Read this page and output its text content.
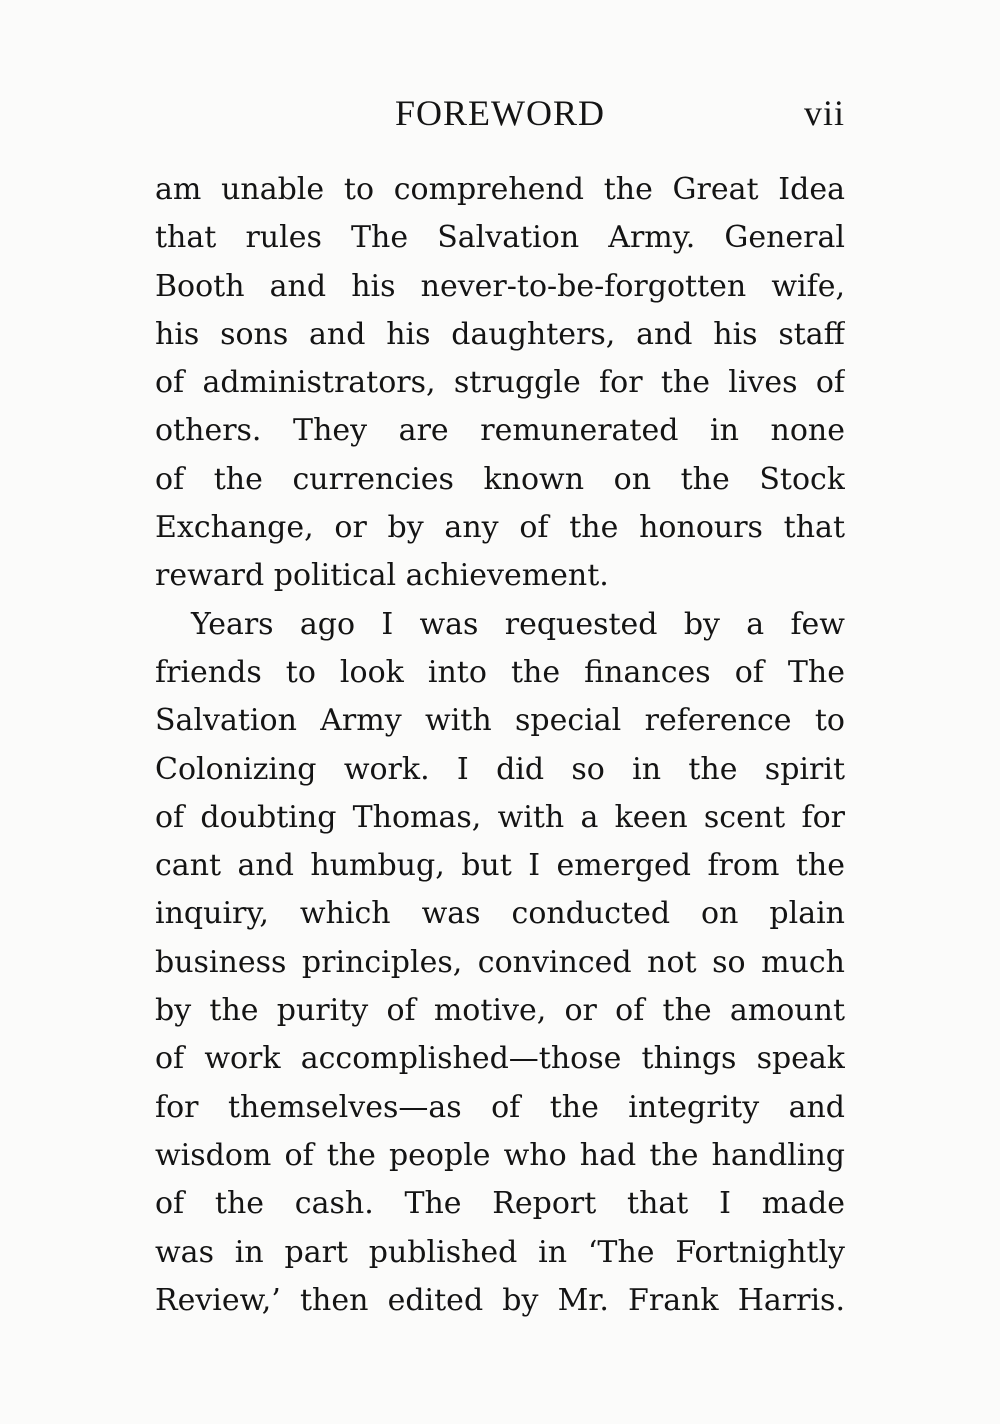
FOREWORD	vii
am unable to comprehend the Great Idea
that rules The Salvation Army. General
Booth and his never-to-be-forgotten wife,
his sons and his daughters, and his staff
of administrators, struggle for the lives of
others. They are remunerated in none
of the currencies known on the Stock
Exchange, or by any of the honours that
reward political achievement.
Years ago I was requested by a few
friends to look into the finances of The
Salvation Army with special reference to
Colonizing work. I did so in the spirit
of doubting Thomas, with a keen scent for
cant and humbug, but I emerged from the
inquiry, which was conducted on plain
business principles, convinced not so much
by the purity of motive, or of the amount
of work accomplished—those things speak
for themselves—as of the integrity and
wisdom of the people who had the handling
of the cash. The Report that I made
was in part published in ‘The Fortnightly
Review,’ then edited by Mr. Frank Harris.
